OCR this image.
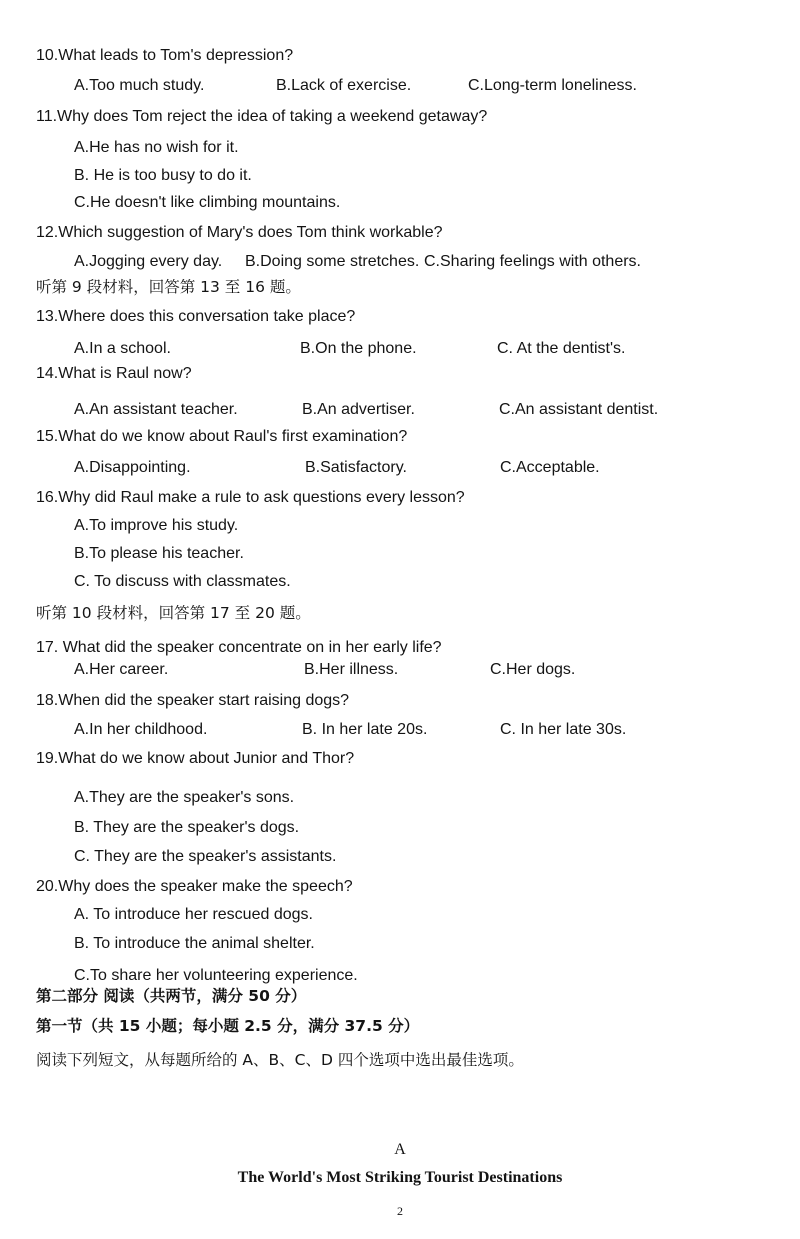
10.What leads to Tom's depression?
A.Too much study.	B.Lack of exercise.	C.Long-term loneliness.
11.Why does Tom reject the idea of taking a weekend getaway?
A.He has no wish for it.
B. He is too busy to do it.
C.He doesn't like climbing mountains.
12.Which suggestion of Mary's does Tom think workable?
A.Jogging every day. B.Doing some stretches. C.Sharing feelings with others.
听第 9 段材料，回答第 13 至 16 题。
13.Where does this conversation take place?
A.In a school.	B.On the phone.	C. At the dentist's.
14.What is Raul now?
A.An assistant teacher.	B.An advertiser.	C.An assistant dentist.
15.What do we know about Raul's first examination?
A.Disappointing.	B.Satisfactory.	C.Acceptable.
16.Why did Raul make a rule to ask questions every lesson?
A.To improve his study.
B.To please his teacher.
C. To discuss with classmates.
听第 10 段材料，回答第 17 至 20 题。
17. What did the speaker concentrate on in her early life?
A.Her career.	B.Her illness.	C.Her dogs.
18.When did the speaker start raising dogs?
A.In her childhood.	B. In her late 20s.	C. In her late 30s.
19.What do we know about Junior and Thor?
A.They are the speaker's sons.
B. They are the speaker's dogs.
C. They are the speaker's assistants.
20.Why does the speaker make the speech?
A. To introduce her rescued dogs.
B. To introduce the animal shelter.
C.To share her volunteering experience.
第二部分 阅读（共两节，满分 50 分）
第一节（共 15 小题；每小题 2.5 分，满分 37.5 分）
阅读下列短文，从每题所给的 A、B、C、D 四个选项中选出最佳选项。
A
The World's Most Striking Tourist Destinations
2
